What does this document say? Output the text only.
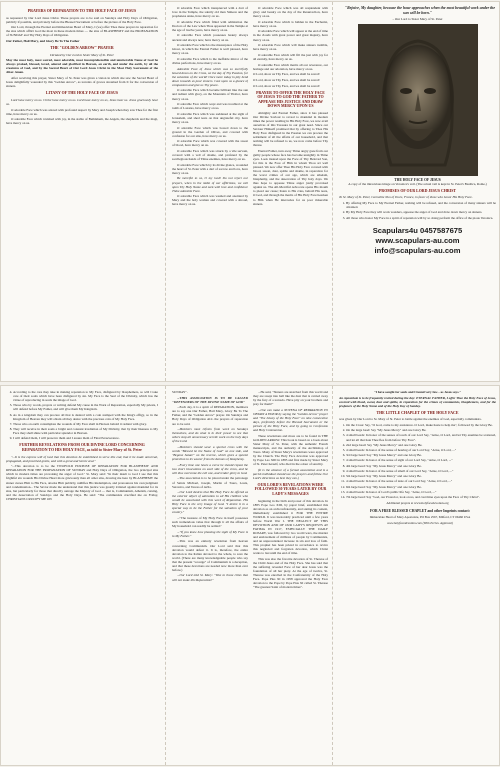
PRAYERS OF REPARATION TO THE HOLY FACE OF JESUS

as requested by Our Lord Jesus Christ. These prayers are to be said on Sundays and Holy Days of Obligation, publicly if possible, and privately before the Blessed Sacrament or before the picture of the Holy Face.

Our Lord, through the Eternal and Immaculate Heart of Mary, I (we) offer Thee these prayers in reparation for the sins which afflict God the most in these modern times — the sins of BLASPHEMY and the PROFANATION of SUNDAY and Thy Holy Days of Obligation.

Our Father, Hail Mary, and Glory Be To The Father

THE "GOLDEN ARROW" PRAYER

Dictated by Our Lord to Sister Mary of St. Peter

May the most holy, most sacred, most adorable, most incomprehensible and unutterable Name of God be always praised, blessed, loved, adored and glorified in Heaven, on earth, and under the earth, by all the creatures of God, and by the Sacred Heart of Our Lord Jesus Christ in the Most Holy Sacrament of the Altar. Amen.

After receiving this prayer, Sister Mary of St. Peter was given a vision in which she saw the Sacred Heart of Jesus delightfully wounded by this "Golden Arrow", as torrents of graces streamed from It for the conversion of sinners.

LITANY OF THE HOLY FACE OF JESUS

Lord have mercy on us. Christ have mercy on us. Lord have mercy on us, Jesus hear us. Jesus graciously hear us.

O adorable Face which was adored with profound respect by Mary and Joseph when they saw Thee for the first time, have mercy on us.

O adorable Face which ravished with joy, in the stable of Bethlehem, the Angels, the shepherds and the magi, have mercy on us.

O adorable Face which transpierced with a dart of love in the Temple, the saintly old man Simeon and the prophetess Anna, have mercy on us.

O adorable Face which filled with admiration the Doctors of the Law when Thou appeared in the Temple at the age of twelve years, have mercy on us.

O adorable Face which possesses beauty always ancient and always new, have mercy on us.

O adorable Face which is the masterpiece of the Holy Ghost, in which the Eternal Father is well pleased, have mercy on us.

O adorable Face which is the ineffable mirror of the divine perfections, have mercy on us.

Adorable Face of Jesus which was so mercifully bowed down on the Cross, on the day of Thy Passion, for the salvation of the world! Once more today in pity bend down towards us poor sinners. Cast upon us a glance of compassion and give us Thy peace.

O adorable Face which became brilliant like the sun and radiant with glory, on the Mountain of Thabor, have mercy on us.

O adorable Face which wept and was troubled at the tomb of Lazarus, have mercy on us.

O adorable Face which was saddened at the sight of Jerusalem, and shed tears on that ungrateful city, have mercy on us.

O adorable Face which was bowed down to the ground in the Garden of Olives, and covered with confusion for our sins, have mercy on us.

O adorable Face which was covered with the sweat of blood, have mercy on us.

O adorable Face which was struck by a vile servant, covered with a veil of shame, and profaned by the sacrilegious hands of Thine enemies, have mercy on us.

O adorable Face which by its divine glance, wounded the heart of St. Peter with a dart of sorrow and love, have mercy on us.

Be merciful to us, O my God! Do not reject our prayers, when in the midst of our afflictions, we call upon Thy Holy Name and seek with love and confidence Thine adorable Face.

O adorable Face which was washed and anointed by Mary and the holy women and covered with a shroud, have mercy on us.

O adorable Face which was all resplendent with glory and beauty on the day of the Resurrection, have mercy on us.

O adorable Face which is hidden in the Eucharist, have mercy on us.

O adorable Face which will appear at the end of time in the clouds with great power and great majesty, have mercy on us.

O adorable Face which will make sinners tremble, have mercy on us.

O adorable Face which will fill the just with joy for all eternity, have mercy on us.

O adorable Face which merits all our reverence, our homage and our adoration, have mercy on us.

O Lord, show us Thy Face, and we shall be saved!

O Lord, show us Thy Face, and we shall be saved!

O Lord, show us Thy Face, and we shall be saved!

PRAYER TO OFFER THE HOLY FACE OF JESUS TO GOD THE FATHER TO APPEASE HIS JUSTICE AND DRAW DOWN MERCY UPON US

Almighty and Eternal Father, since it has pleased Our Divine Saviour to reveal to mankind in modern times the power residing in His Holy Face, we now avail ourselves of this Treasure in our great need. Since our Saviour Himself promised that by offering to Thee His Holy Face disfigured in the Passion we can procure the settlement of all the affairs of our household, and that nothing will be refused to us, we now come before Thy throne.

Eternal Father, turn away Thine angry gaze from our guilty people whose face has become unsightly in Thine eyes. Look instead upon the Face of Thy Beloved Son, for this is the Face of Him in whom Thou art well pleased. We now offer Thee His Holy Face covered with blood, sweat, dust, spittle and shame, in reparation for the worst crimes of our age, which are atheism, blasphemy, and the desecration of Thy holy days. We thus hope to appease Thine anger justly provoked against us. The All-Merciful Advocate opens His mouth to plead our cause; listen to His cries, behold His tears, O God, and through the merits of His Holy Face hearken to Him when He intercedes for us poor miserable sinners.

"Rejoice, My daughter, because the hour approaches when the most beautiful work under the sun will be born."

– Our Lord to Sister Mary of St. Peter

THE HOLY FACE OF JESUS
A copy of the miraculous image on Veronica's veil. (The actual veil is kept in St. Peter's Basilica, Rome.)
PROMISES OF OUR LORD JESUS CHRIST

To Sr. Mary of St. Peter, Carmelite Nun of Tours, France, in favor of those who honor His Holy Face.

1. By offering My Face to My Eternal Father, nothing will be refused, and the conversion of many sinners will be obtained.
2. By My Holy Face they will work wonders, appease the anger of God and draw down mercy on sinners.
3. All those who honor My Face in a spirit of reparation will by so doing perform the office of the pious Veronica.
Scapulars4u 0457587675
www.scapulars-au.com
info@scapulars-au.com
4. According to the care they take in making reparation to My Face, disfigured by blasphemers, so will I take care of their souls which have been disfigured by sin. My Face is the Seal of the Divinity, which has the virtue of reproducing in souls the image of God.
5. Those who by words, prayers or writing defend My cause in the Work of Reparation, especially My priests, I will defend before My Father, and will give them My Kingdom.
6. As in a kingdom they can procure all that is desired with a coin stamped with the King's effigy, so in the Kingdom of Heaven they will obtain all they desire with the precious coin of My Holy Face.
7. Those who on earth contemplate the wounds of My Face shall in Heaven behold it radiant with glory.
8. They will receive in their souls a bright and constant irradiation of My Divinity, that by their likeness to My Face they shall shine with particular splendor in Heaven.
9. I will defend them, I will preserve them and I assure them of Final Perseverance.
FURTHER REVELATIONS FROM OUR DIVINE LORD CONCERNING REPARATION TO HIS HOLY FACE, as told to Sister Mary of St. Peter

"...It is the express will of God that this devotion be established to serve this end, that it be made universal, propagated, and practised gratis, and with a great and heroic zeal."

"...This devotion is to be the TWOFOLD PURPOSE OF REPARATION FOR BLASPHEMY AND REPARATION FOR THE PROFANATION OF SUNDAY and Holy Days of Obligation, the two principal sins which in modern times are provoking the anger of God." St. Mary said: "In their insult to God I see that this frightful sin wounds His Divine Heart more grievously than all other sins, drawing me here by BLASPHEMY the sinner curses Him to His Face, attacks Him publicly, nullifies His Redemption, and pronounces his own judgment and condemnation... The Savior made me understand that this justice was greatly irritated against mankind for its sins, but particularly for those that directly outrage the Majesty of God — that is, Communism, Atheism, cursing, and the desecration of Sundays and the Holy Days. He said: "The communists crucified me on Friday, CHRISTIANS CRUCIFY ME ON

SUNDAY".

...THIS ASSOCIATION IS TO BE CALLED "DEFENDERS OF THE DIVINE NAME OF GOD"

...Each day, it is a spirit of REPARATION, members are to say one Our Father, Hail Mary, Glory Be To The Father, and the "Golden Arrow" prayer. On Sundays and Holy Days of Obligation ALL the prayers of reparation are to be said.

...Members must refrain from work on Sundays themselves, and do what is in their power to see that others stop all unnecessary servile work on the holy days of the Lord.

...Members should wear a special cross with the words "Blessed be the Name of God" on one side, and "Begone Satan!" on the reverse, which gives a special protection to its wearer from the demons of blasphemy.

...Every time one hears a curse he should repeat the two short invocations on each side of the cross, and he will thus overcome the evil one, and render glory to God.

...The association is to be placed under the patronage of Saints Michael, Joseph, Martin of Tours, Louis, Veronica, and Teresa of Avila.

...Our Lord desires that His Holy Face be offered as the exterior object of adoration to all His children who would be associated with this work of Reparation. His Holy Face is the very Image of God. "I desire it in a special way to be the Father for the salvation of your country."

..."The treasure of My Holy Face in itself possesses such tremendous value that through it all the affairs of My household can readily be settled."

..."If you knew how pleasing the sight of My Face is to My Father."

...This was an entirely revelation from heaven concerning Communism. Our Lord said that this devotion would defeat it. It is, therefore, the entire devotion to the Italian devoted to the whole, to save the world. (There are many knowledgeable people who say that the present "scourge" of Communism is a deception, and that these devotions are needed now more than ever before.)

...Our Lord told Sr. Mary: "Woe to those cities that will not make this Reparation!"

...He said, "Sinners are snatched from this world and they are swept into hell like the dust that is carried away by the fury of a tornado. Have pity on your brothers and pray for them!"

...One can make a NOVENA OF REPARATION TO OBTAIN A FAVOR by saying the "Golden Arrow" prayer and "The Litany of the Holy Face" on nine consecutive days, preferably before the Blessed Sacrament or the picture of the Holy Face, and by going to Confession and Holy Communion.

These revelations and more are to be found in THE GOLDEN ARROW. This book is based on a book about Sister Mary of St. Peter, with the authentic French manuscripts, and the authority of the Archbishop of Tours. Many of Sister Mary's revelations were approved by the Church. The Holy Face devotion was approved by Pope Leo XIII in 1885 and first made by Sister Mary of St. Peter herself, who died in the odour of sanctity.

(It is the absence of a formal association and is a parish individual should use the prayers and follow Our Lord's directions as best they can.)

OUR LORD'S REVELATIONS WERE FOLLOWED 30 YEARS LATER BY OUR LADY'S MESSAGES

beginning in the birth and power of this devotion. In 1885 Pope Leo XIII, by papal brief, established this devotion as an archconfraternity, and stating its content, immediately established it FOR THE ENTIRE WORLD. It was inexorably practiced until a few years before World War I. THE NEGLECT OF THIS DEVOTION AND OF OUR LADY'S REQUESTS AT FATIMA IN 1917, ESPECIALLY THE DAILY ROSARY, was followed by two world wars, the murder and enslavement of millions of people by Communists, and an unprecedented increase in sin and loss of faith. This prophet has been prized in accordance to revive this neglected and forgotten devotion, which Christ wants to last until the end of time.

This was also the favorite devotion of St. Therese of the Child Jesus and of the Holy Face. She has said that the suffering revealed Face of her dear Jesus was the foundation of all her piety. At the age of twelve, St. Therese was enrolled in the Confraternity of the Holy Face. Pope Pius XI in 1958 approved the Holy Face devotion to the Pope by Pope Pius XI called St. Therese "The greatest Saint of modern times".

"I have sought for souls and I found very few... as Jesus says."

An Apostolate is to be frequently recited during the day: ETERNAL FATHER, I offer Thee the Holy Face of Jesus, covered with blood, sweat, dust and spittle, in reparation for the crimes of communists, blasphemers, and for the profaners of the Holy Name and of the Holy Day of Sunday.

THE LITTLE CHAPLET OF THE HOLY FACE

was given by Our Lord to Sr. Mary of St. Peter to battle against the enemies of God, especially communists.

1. On the Cross: Say, "O God, come to my assistance. O Lord, make haste to help me", followed by the Glory Be.
2. On the large bead: Say "My Jesus Mercy" and one Glory Be.
3. 4 small beads: In honor of the senses of touch of our Lord Say, "Arise, O Lord, and let Thy enemies be scattered, and let all that hate Thee flee from before Thy Face".
4. 2nd large bead: Say "My Jesus Mercy" and one Glory Be.
5. 4 small beads: In honor of the sense of hearing of our Lord Say, "Arise, O Lord, ..."
6. 3rd large bead: Say "My Jesus Mercy" and one Glory Be.
7. 4 small beads: In honor of the sense of sight of our Lord Say, "Arise, O Lord, ..."
8. 4th large bead: Say "My Jesus Mercy" and one Glory Be.
9. 4 small beads: In honor of the sense of smell of our Lord Say, "Arise, O Lord, ..."
10. 5th large bead: Say "My Jesus Mercy" and one Glory Be.
11. 4 small beads: In honor of the sense of taste of our Lord Say, "Arise, O Lord, ..."
12. 6th large bead: Say "My Jesus Mercy" and one Glory Be.
13. 4 small beads: In honor of Lord's public life Say, "Arise, O Lord, ..."
14. 7th large bead: Say "God, our Protector, look on us, and cast thine eyes upon the Face of Thy Christ".

Additional prayers at www.holyfacedevotion.org

FOR A FREE BLESSED CHAPLET and other Imprints contact:

Immaculate Heart of Mary Apostolate, PO Box 2567, Milford, CT 06460 USA

www.holyfacedevotion.com (With Eccles. Approval)
